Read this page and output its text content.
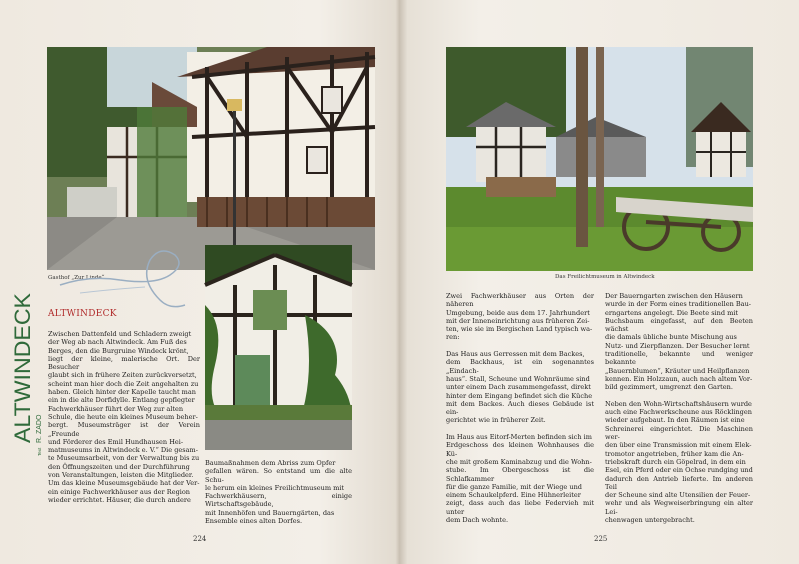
Gasthof „Zur Linde“	Das Freilichtmuseum in Altwindeck
ALTWINDECK
Text
R. ZADO
ALTWINDECK
Zwischen Dattenfeld und Schladern zweigt
der Weg ab nach Altwindeck. Am Fuß des
Berges, den die Burgruine Windeck krönt,
liegt der kleine, malerische Ort. Der Besucher
glaubt sich in frühere Zeiten zurückversetzt,
scheint man hier doch die Zeit angehalten zu
haben. Gleich hinter der Kapelle taucht man
ein in die alte Dorfidylle. Entlang gepflegter
Fachwerkhäuser führt der Weg zur alten
Schule, die heute ein kleines Museum beher-
bergt. Museumsträger ist der Verein „Freunde
und Förderer des Emil Hundhausen Hei-
matmuseums in Altwindeck e. V.“ Die gesam-
te Museumsarbeit, von der Verwaltung bis zu
den Öffnungszeiten und der Durchführung
von Veranstaltungen, leisten die Mitglieder.
Um das kleine Museumsgebäude hat der Ver-
ein einige Fachwerkhäuser aus der Region
wieder errichtet. Häuser, die durch andere
Baumaßnahmen dem Abriss zum Opfer
gefallen wären. So entstand um die alte Schu-
le herum ein kleines Freilichtmuseum mit
Fachwerkhäusern, einige Wirtschaftsgebäude,
mit Innenhöfen und Bauerngärten, das
Ensemble eines alten Dorfes.

Zwei Fachwerkhäuser aus Orten der näheren
Umgebung, beide aus dem 17. Jahrhundert
mit der Inneneinrichtung aus früheren Zei-
ten, wie sie im Bergischen Land typisch wa-
ren:

Das Haus aus Gerressen mit dem Backes,
dem Backhaus, ist ein sogenanntes „Eindach-
haus“. Stall, Scheune und Wohnräume sind
unter einem Dach zusammengefasst, direkt
hinter dem Eingang befindet sich die Küche
mit dem Backes. Auch dieses Gebäude ist ein-
gerichtet wie in früherer Zeit.

Im Haus aus Eitorf-Merten befinden sich im
Erdgeschoss des kleinen Wohnhauses die Kü-
che mit großem Kaminabzug und die Wohn-
stube. Im Obergeschoss ist die Schlafkammer
für die ganze Familie, mit der Wiege und
einem Schaukelpferd. Eine Hühnerleiter
zeigt, dass auch das liebe Federvieh mit unter
dem Dach wohnte.

Der Bauerngarten zwischen den Häusern
wurde in der Form eines traditionellen Bau-
erngartens angelegt. Die Beete sind mit
Buchsbaum eingefasst, auf den Beeten wächst
die damals übliche bunte Mischung aus
Nutz- und Zierpflanzen. Der Besucher lernt
traditionelle, bekannte und weniger bekannte
„Bauernblumen“, Kräuter und Heilpflanzen
kennen. Ein Holzzaun, auch nach altem Vor-
bild gezimmert, umgrenzt den Garten.

Neben den Wohn-Wirtschaftshäusern wurde
auch eine Fachwerkscheune aus Röcklingen
wieder aufgebaut. In den Räumen ist eine
Schreinerei eingerichtet. Die Maschinen wer-
den über eine Transmission mit einem Elek-
tromotor angetrieben, früher kam die An-
triebskraft durch ein Göpelrad, in dem ein
Esel, ein Pferd oder ein Ochse rundging und
dadurch den Antrieb lieferte. Im anderen Teil
der Scheune sind alte Utensilien der Feuer-
wehr und als Wegweiserbringung ein alter Lei-
chenwagen untergebracht.

224	225
